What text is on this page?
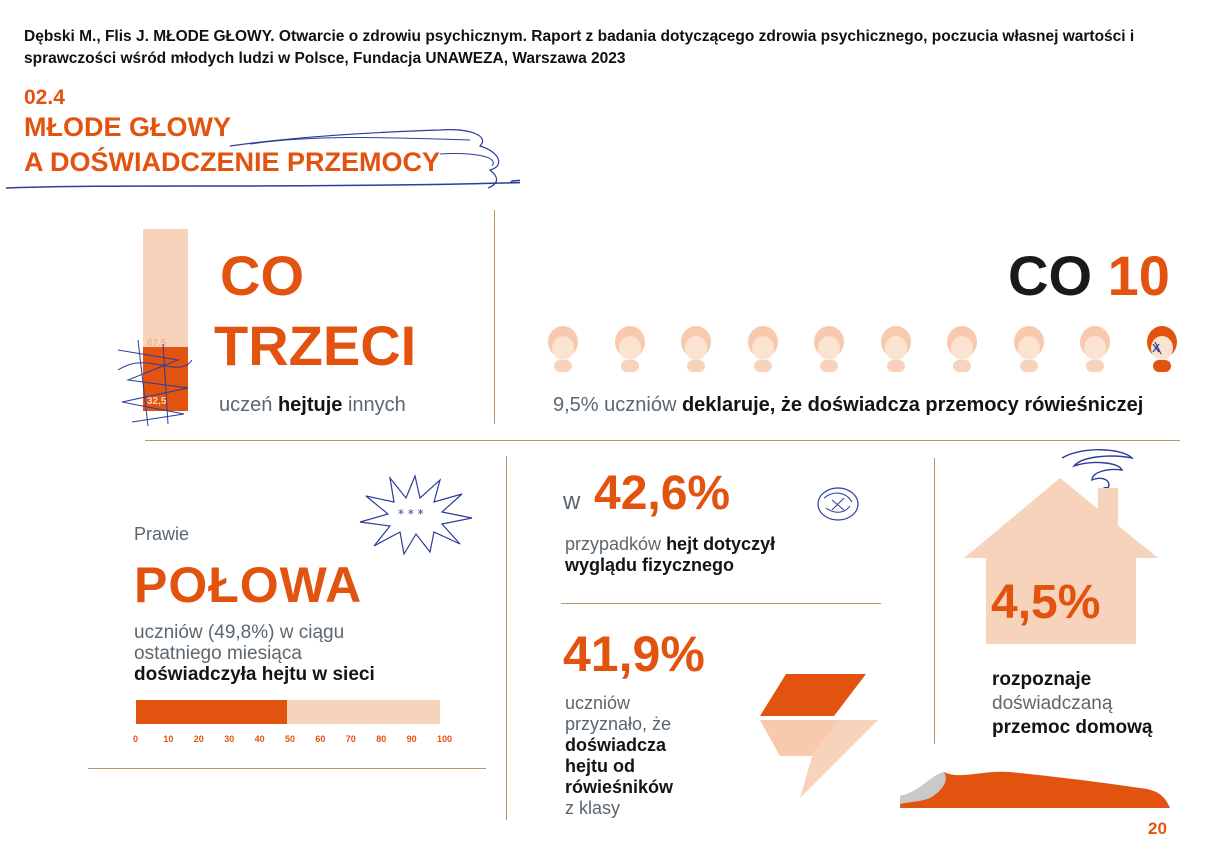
Dębski M., Flis J. MŁODE GŁOWY. Otwarcie o zdrowiu psychicznym. Raport z badania dotyczącego zdrowia psychicznego, poczucia własnej wartości i sprawczości wśród młodych ludzi w Polsce, Fundacja UNAWEZA, Warszawa 2023
02.4
MŁODE GŁOWY
A DOŚWIADCZENIE PRZEMOCY
67,5
32,5
CO
TRZECI
uczeń hejtuje innych
CO 10
9,5% uczniów deklaruje, że doświadcza przemocy rówieśniczej
* * *
Prawie
POŁOWA
uczniów (49,8%) w ciągu
ostatniego miesiąca
doświadczyła hejtu w sieci
0	10 20 30 40 50 60 70 80 90 100
w 42,6%
przypadków hejt dotyczył
wyglądu fizycznego
41,9%
uczniów
przyznało, że
doświadcza
hejtu od
rówieśników
z klasy
4,5%
rozpoznaje
doświadczaną
przemoc domową
20
